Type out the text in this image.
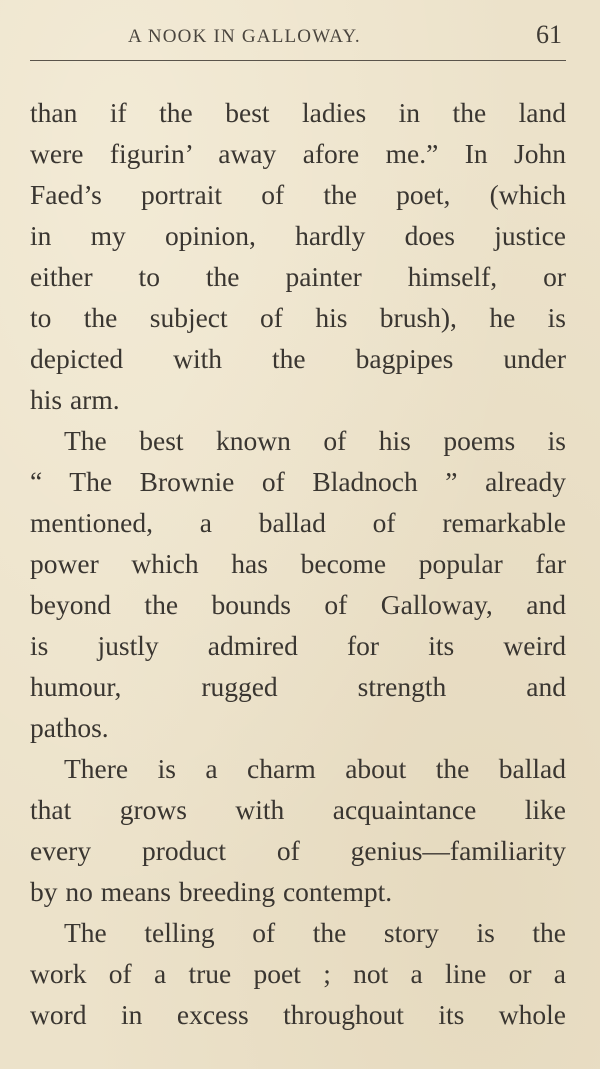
A NOOK IN GALLOWAY.	61
than if the best ladies in the land
were figurin’ away afore me.” In John
Faed’s portrait of the poet, (which
in my opinion, hardly does justice
either to the painter himself, or
to the subject of his brush), he is
depicted with the bagpipes under
his arm.
The best known of his poems is
“ The Brownie of Bladnoch ” already
mentioned, a ballad of remarkable
power which has become popular far
beyond the bounds of Galloway, and
is justly admired for its weird
humour, rugged strength and
pathos.
There is a charm about the ballad
that grows with acquaintance like
every product of genius—familiarity
by no means breeding contempt.
The telling of the story is the
work of a true poet ; not a line or a
word in excess throughout its whole
